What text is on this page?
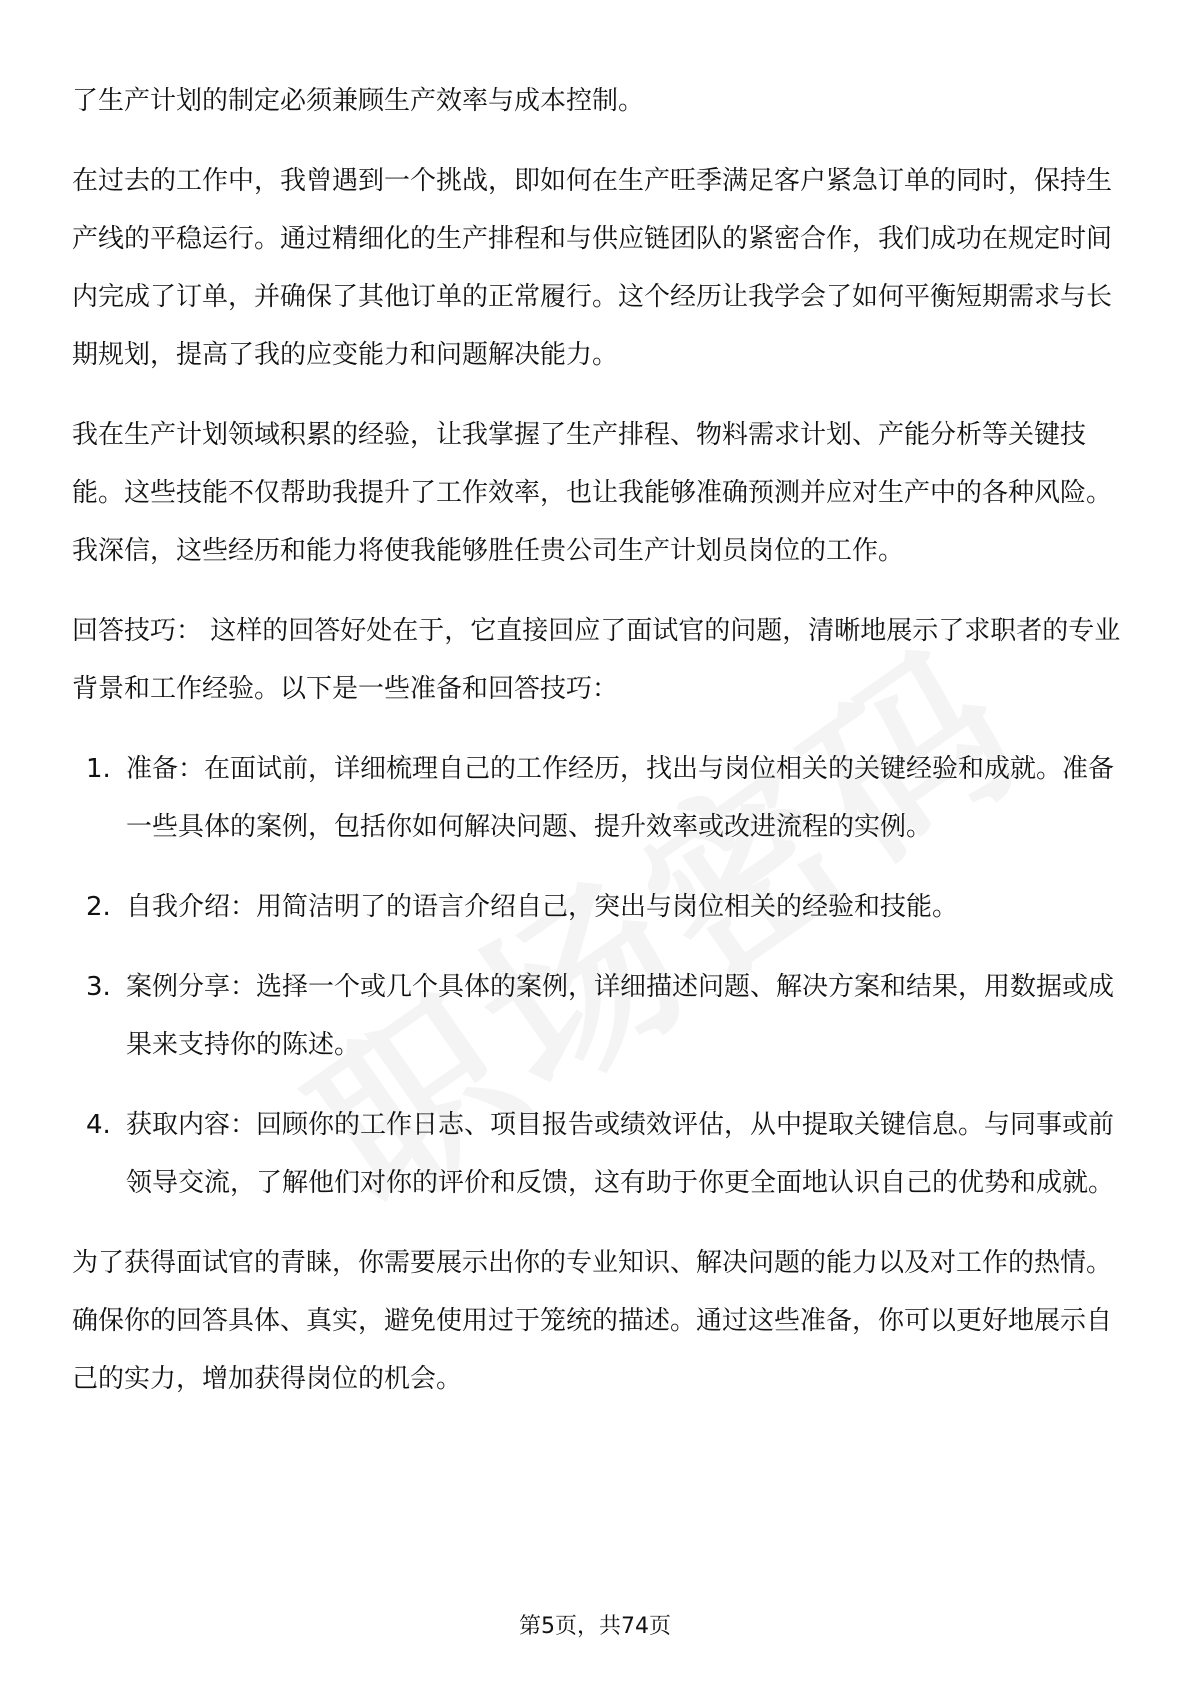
了生产计划的制定必须兼顾生产效率与成本控制。

在过去的工作中，我曾遇到一个挑战，即如何在生产旺季满足客户紧急订单的同时，保持生产线的平稳运行。通过精细化的生产排程和与供应链团队的紧密合作，我们成功在规定时间内完成了订单，并确保了其他订单的正常履行。这个经历让我学会了如何平衡短期需求与长期规划，提高了我的应变能力和问题解决能力。

我在生产计划领域积累的经验，让我掌握了生产排程、物料需求计划、产能分析等关键技能。这些技能不仅帮助我提升了工作效率，也让我能够准确预测并应对生产中的各种风险。我深信，这些经历和能力将使我能够胜任贵公司生产计划员岗位的工作。

回答技巧： 这样的回答好处在于，它直接回应了面试官的问题，清晰地展示了求职者的专业背景和工作经验。以下是一些准备和回答技巧：

1. 准备：在面试前，详细梳理自己的工作经历，找出与岗位相关的关键经验和成就。准备一些具体的案例，包括你如何解决问题、提升效率或改进流程的实例。
2. 自我介绍：用简洁明了的语言介绍自己，突出与岗位相关的经验和技能。
3. 案例分享：选择一个或几个具体的案例，详细描述问题、解决方案和结果，用数据或成果来支持你的陈述。
4. 获取内容：回顾你的工作日志、项目报告或绩效评估，从中提取关键信息。与同事或前领导交流，了解他们对你的评价和反馈，这有助于你更全面地认识自己的优势和成就。

为了获得面试官的青睐，你需要展示出你的专业知识、解决问题的能力以及对工作的热情。确保你的回答具体、真实，避免使用过于笼统的描述。通过这些准备，你可以更好地展示自己的实力，增加获得岗位的机会。

第5页，共74页
